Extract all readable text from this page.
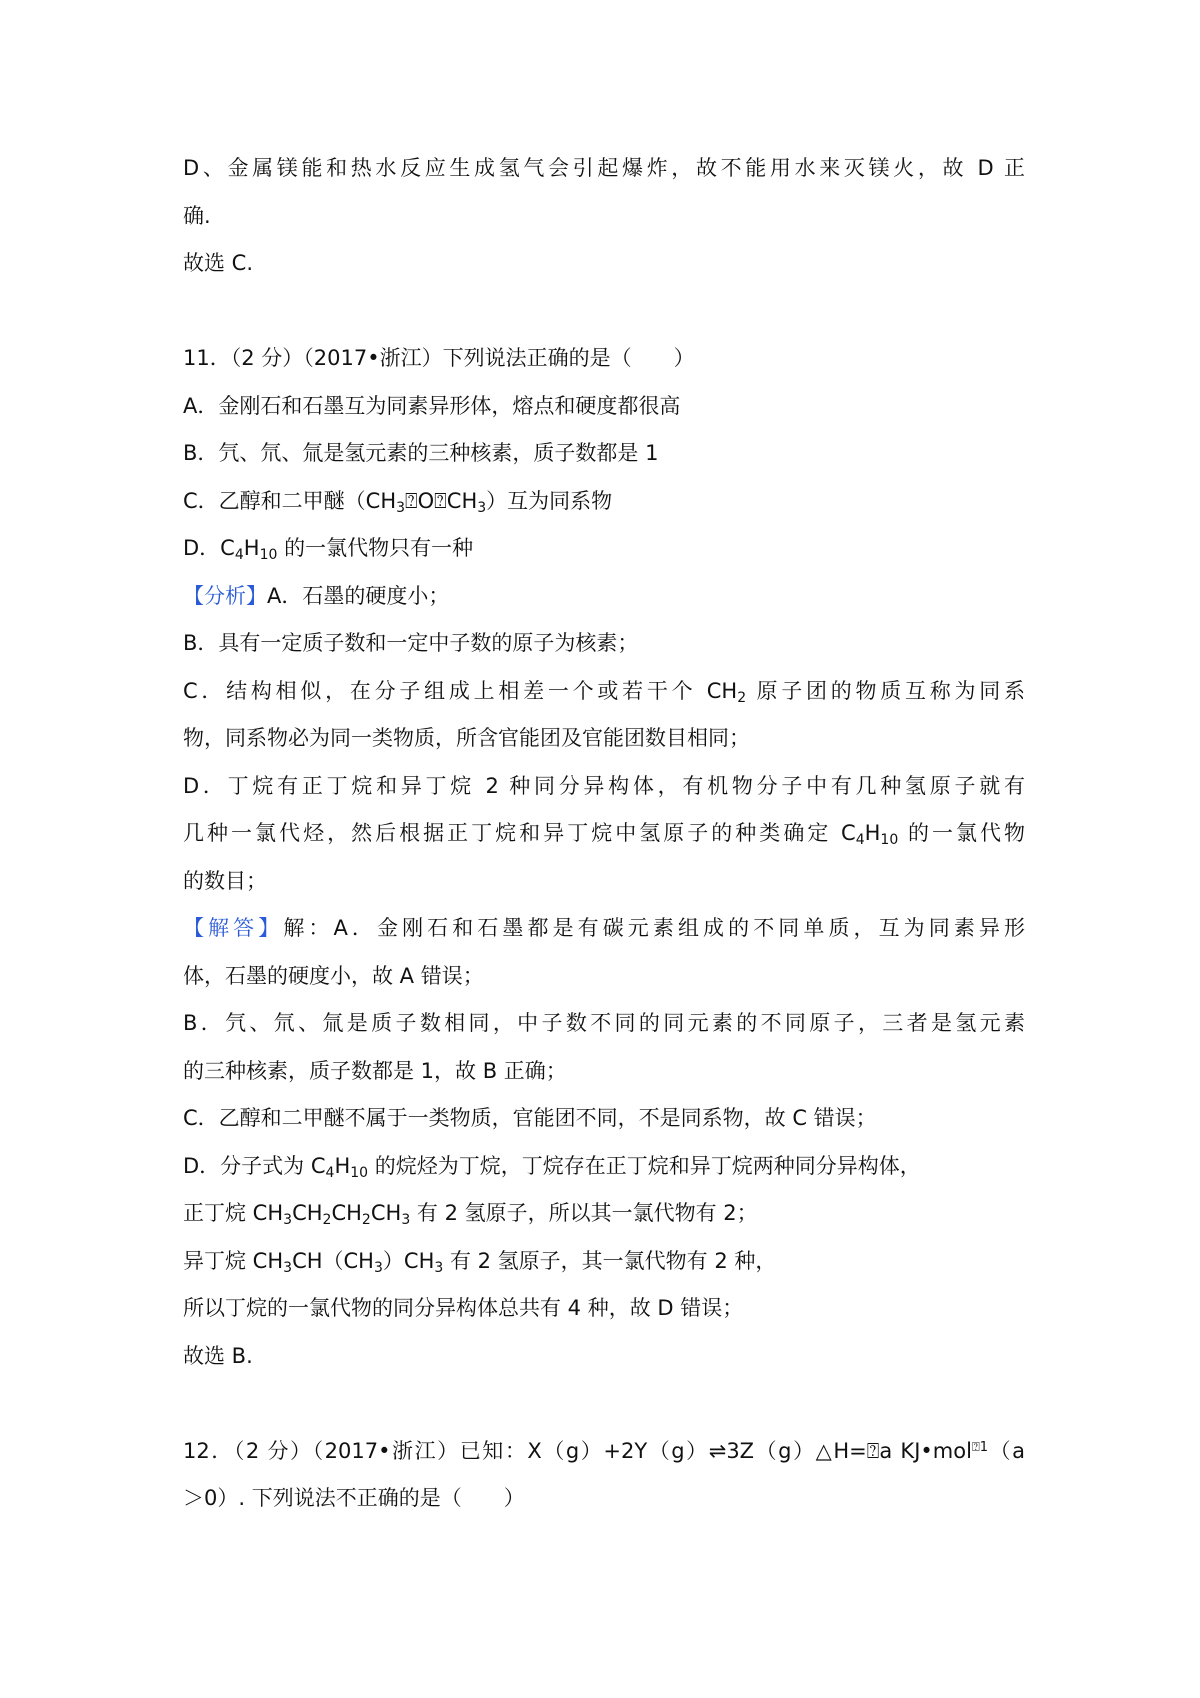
D、金属镁能和热水反应生成氢气会引起爆炸，故不能用水来灭镁火，故 D 正
确.
故选 C.
11．（2 分）（2017•浙江）下列说法正确的是（　　）
A．金刚石和石墨互为同素异形体，熔点和硬度都很高
B．氕、氘、氚是氢元素的三种核素，质子数都是 1
C．乙醇和二甲醚$(CH_3⍰O⍰CH_3)$互为同系物
D．$C_4H_{10}$ 的一氯代物只有一种
【分析】A．石墨的硬度小；
B．具有一定质子数和一定中子数的原子为核素；
C．结构相似，在分子组成上相差一个或若干个 $CH_2$ 原子团的物质互称为同系
物，同系物必为同一类物质，所含官能团及官能团数目相同；
D．丁烷有正丁烷和异丁烷 2 种同分异构体，有机物分子中有几种氢原子就有
几种一氯代烃，然后根据正丁烷和异丁烷中氢原子的种类确定 $C_4H_{10}$ 的一氯代物
的数目；
【解答】解：A．金刚石和石墨都是有碳元素组成的不同单质，互为同素异形
体，石墨的硬度小，故 A 错误；
B．氕、氘、氚是质子数相同，中子数不同的同元素的不同原子，三者是氢元素
的三种核素，质子数都是 1，故 B 正确；
C．乙醇和二甲醚不属于一类物质，官能团不同，不是同系物，故 C 错误；
D．分子式为 $C_4H_{10}$ 的烷烃为丁烷，丁烷存在正丁烷和异丁烷两种同分异构体，
正丁烷 $CH_3CH_2CH_2CH_3$ 有 2 氢原子，所以其一氯代物有 2；
异丁烷 $CH_3CH(CH_3)CH_3$ 有 2 氢原子，其一氯代物有 2 种，
所以丁烷的一氯代物的同分异构体总共有 4 种，故 D 错误；
故选 B.
12．（2 分）（2017•浙江）已知：X（g）+2Y（g）⇌3Z（g）△H=⍰a KJ•mol$^{⍰1}$（a
＞0）. 下列说法不正确的是（　　）
